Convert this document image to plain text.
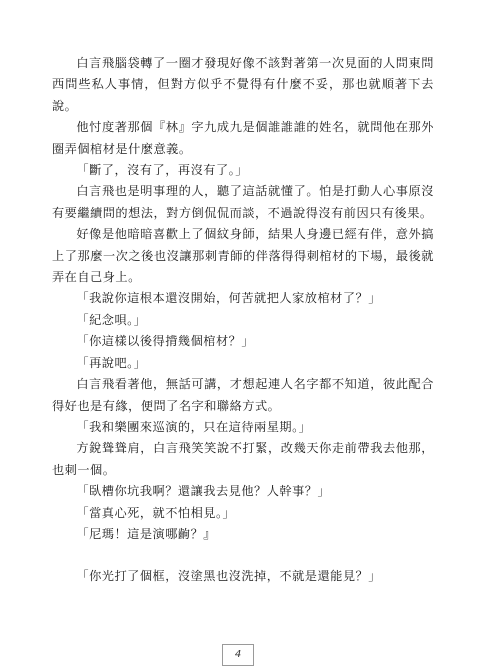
白言飛腦袋轉了一圈才發現好像不該對著第一次見面的人問東問西問些私人事情，但對方似乎不覺得有什麼不妥，那也就順著下去說。

他忖度著那個『林』字九成九是個誰誰誰的姓名，就問他在那外圈弄個棺材是什麼意義。

「斷了，沒有了，再沒有了。」

白言飛也是明事理的人，聽了這話就懂了。怕是打動人心事原沒有要繼續問的想法，對方倒侃侃而談，不過說得沒有前因只有後果。

好像是他暗暗喜歡上了個紋身師，結果人身邊已經有伴，意外搞上了那麼一次之後也沒讓那刺青師的伴落得得刺棺材的下場，最後就弄在自己身上。

「我說你這根本還沒開始，何苦就把人家放棺材了？」

「紀念唄。」

「你這樣以後得揹幾個棺材？」

「再說吧。」

白言飛看著他，無話可講，才想起連人名字都不知道，彼此配合得好也是有緣，便問了名字和聯絡方式。

「我和樂團來巡演的，只在這待兩星期。」

方銳聳聳肩，白言飛笑笑說不打緊，改幾天你走前帶我去他那，也刺一個。

「臥槽你坑我啊？還讓我去見他？人幹事？」

「當真心死，就不怕相見。」

「尼瑪！這是演哪齣？』

「你光打了個框，沒塗黑也沒洗掉，不就是還能見？」

4
